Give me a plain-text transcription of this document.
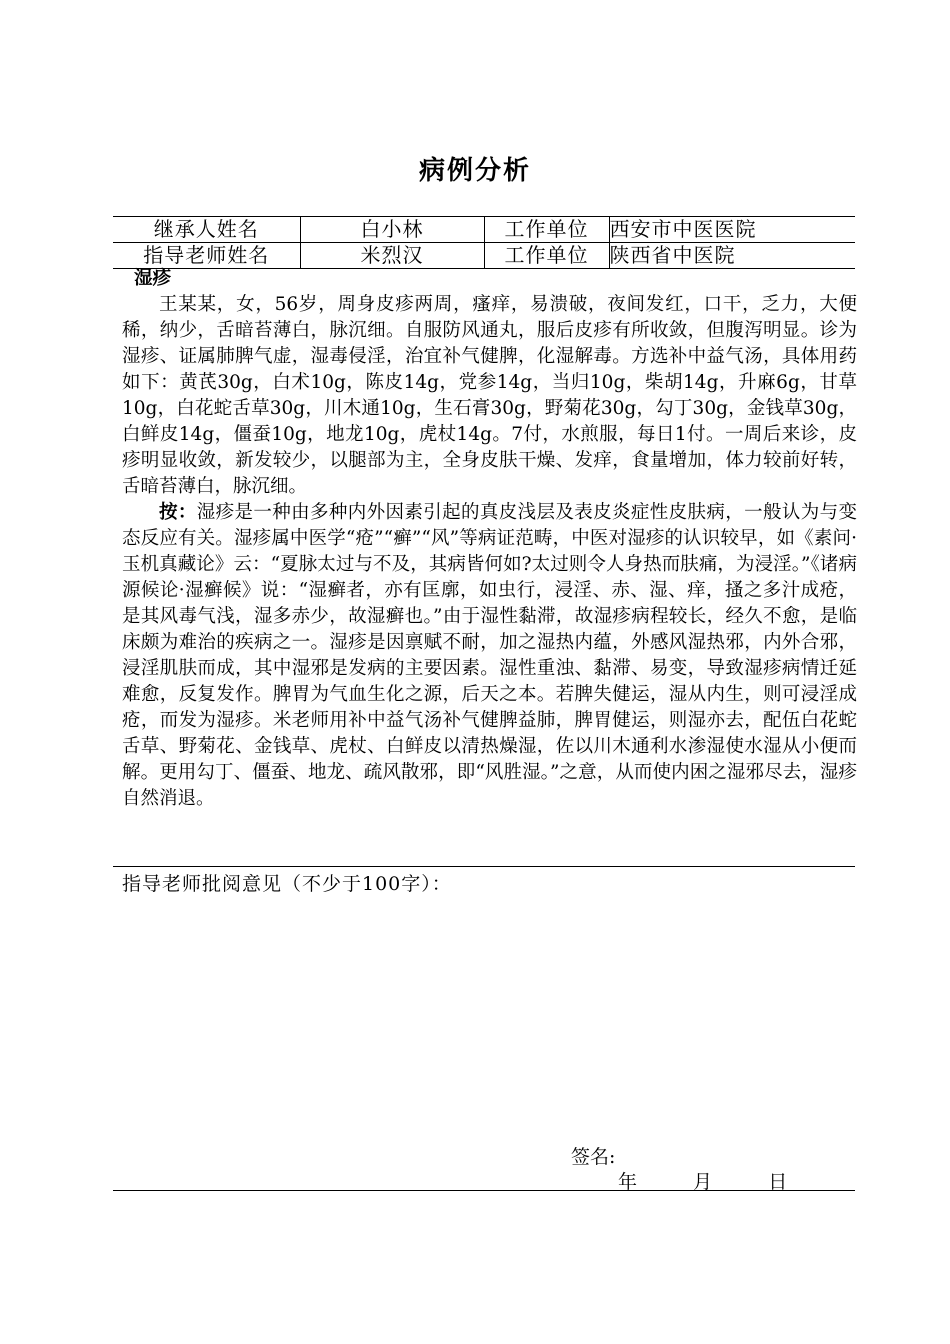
病例分析
继承人姓名	白小林	工作单位	西安市中医医院
指导老师姓名	米烈汉	工作单位	陕西省中医院
湿疹

王某某，女，56岁，周身皮疹两周，瘙痒，易溃破，夜间发红，口干，乏力，大便稀，纳少，舌暗苔薄白，脉沉细。自服防风通丸，服后皮疹有所收敛，但腹泻明显。诊为湿疹、证属肺脾气虚，湿毒侵淫，治宜补气健脾，化湿解毒。方选补中益气汤，具体用药如下：黄芪30g，白术10g，陈皮14g，党参14g，当归10g，柴胡14g，升麻6g，甘草10g，白花蛇舌草30g，川木通10g，生石膏30g，野菊花30g，勾丁30g，金钱草30g，白鲜皮14g，僵蚕10g，地龙10g，虎杖14g。7付，水煎服，每日1付。一周后来诊，皮疹明显收敛，新发较少，以腿部为主，全身皮肤干燥、发痒，食量增加，体力较前好转，舌暗苔薄白，脉沉细。

按：湿疹是一种由多种内外因素引起的真皮浅层及表皮炎症性皮肤病，一般认为与变态反应有关。湿疹属中医学“疮”“癣”“风”等病证范畴，中医对湿疹的认识较早，如《素问·玉机真藏论》云：“夏脉太过与不及，其病皆何如?太过则令人身热而肤痛，为浸淫。”《诸病源候论·湿癣候》说：“湿癣者，亦有匡廓，如虫行，浸淫、赤、湿、痒，搔之多汁成疮，是其风毒气浅，湿多赤少，故湿癣也。”由于湿性黏滞，故湿疹病程较长，经久不愈，是临床颇为难治的疾病之一。湿疹是因禀赋不耐，加之湿热内蕴，外感风湿热邪，内外合邪，浸淫肌肤而成，其中湿邪是发病的主要因素。湿性重浊、黏滞、易变，导致湿疹病情迁延难愈，反复发作。脾胃为气血生化之源，后天之本。若脾失健运，湿从内生，则可浸淫成疮，而发为湿疹。米老师用补中益气汤补气健脾益肺，脾胃健运，则湿亦去，配伍白花蛇舌草、野菊花、金钱草、虎杖、白鲜皮以清热燥湿，佐以川木通利水渗湿使水湿从小便而解。更用勾丁、僵蚕、地龙、疏风散邪，即“风胜湿。”之意，从而使内困之湿邪尽去，湿疹自然消退。

指导老师批阅意见（不少于100字）：
签名:
年	月	日
